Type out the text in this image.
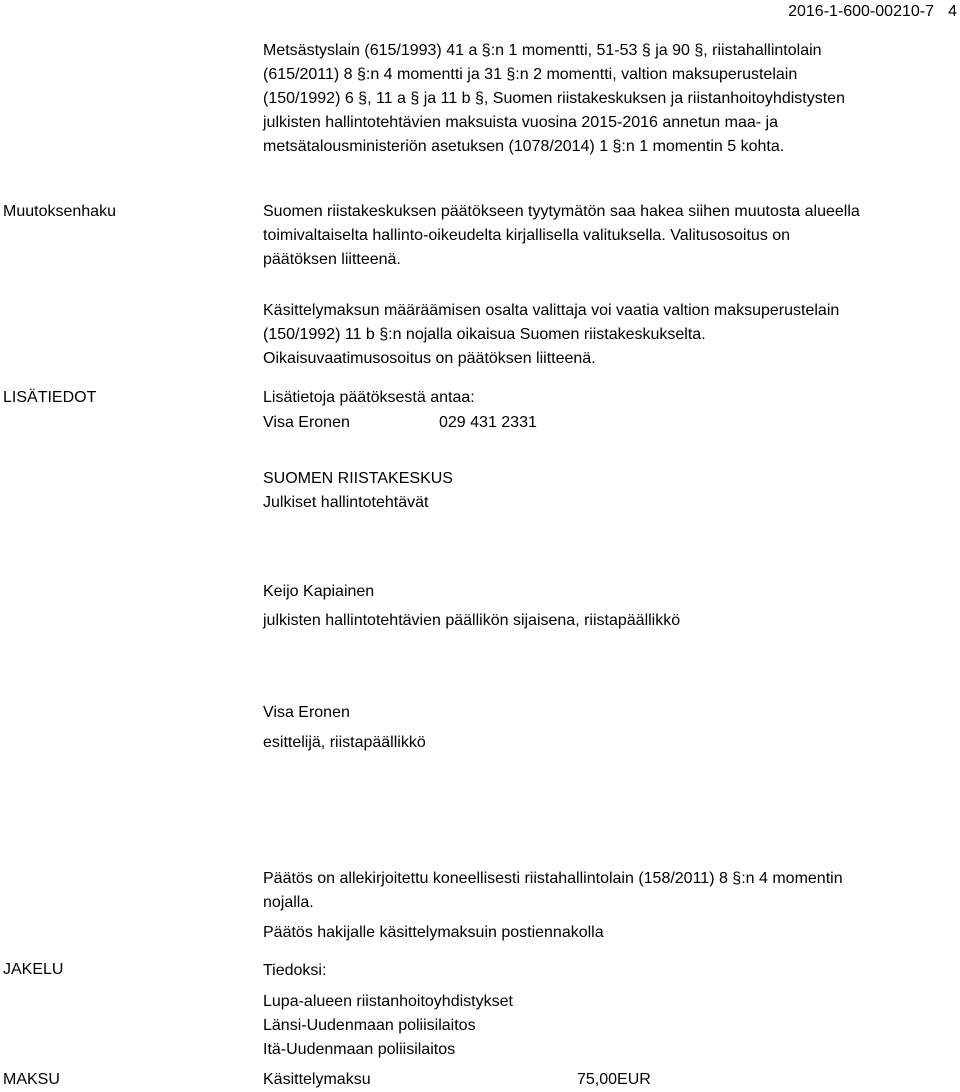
2016-1-600-00210-7 4
Metsästyslain (615/1993) 41 a §:n 1 momentti, 51-53 § ja 90 §, riistahallintolain
(615/2011) 8 §:n 4 momentti ja 31 §:n 2 momentti, valtion maksuperustelain
(150/1992) 6 §, 11 a § ja 11 b §, Suomen riistakeskuksen ja riistanhoitoyhdistysten
julkisten hallintotehtävien maksuista vuosina 2015-2016 annetun maa- ja
metsätalousministeriön asetuksen (1078/2014) 1 §:n 1 momentin 5 kohta.
Muutoksenhaku	Suomen riistakeskuksen päätökseen tyytymätön saa hakea siihen muutosta alueella
toimivaltaiselta hallinto-oikeudelta kirjallisella valituksella. Valitusosoitus on
päätöksen liitteenä.
Käsittelymaksun määräämisen osalta valittaja voi vaatia valtion maksuperustelain
(150/1992) 11 b §:n nojalla oikaisua Suomen riistakeskukselta.
Oikaisuvaatimusosoitus on päätöksen liitteenä.
LISÄTIEDOT	Lisätietoja päätöksestä antaa:
Visa Eronen	029 431 2331
SUOMEN RIISTAKESKUS
Julkiset hallintotehtävät
Keijo Kapiainen
julkisten hallintotehtävien päällikön sijaisena, riistapäällikkö
Visa Eronen
esittelijä, riistapäällikkö
Päätös on allekirjoitettu koneellisesti riistahallintolain (158/2011) 8 §:n 4 momentin
nojalla.
Päätös hakijalle käsittelymaksuin postiennakolla
JAKELU	Tiedoksi:
Lupa-alueen riistanhoitoyhdistykset
Länsi-Uudenmaan poliisilaitos
Itä-Uudenmaan poliisilaitos
MAKSU	Käsittelymaksu	75,00EUR
